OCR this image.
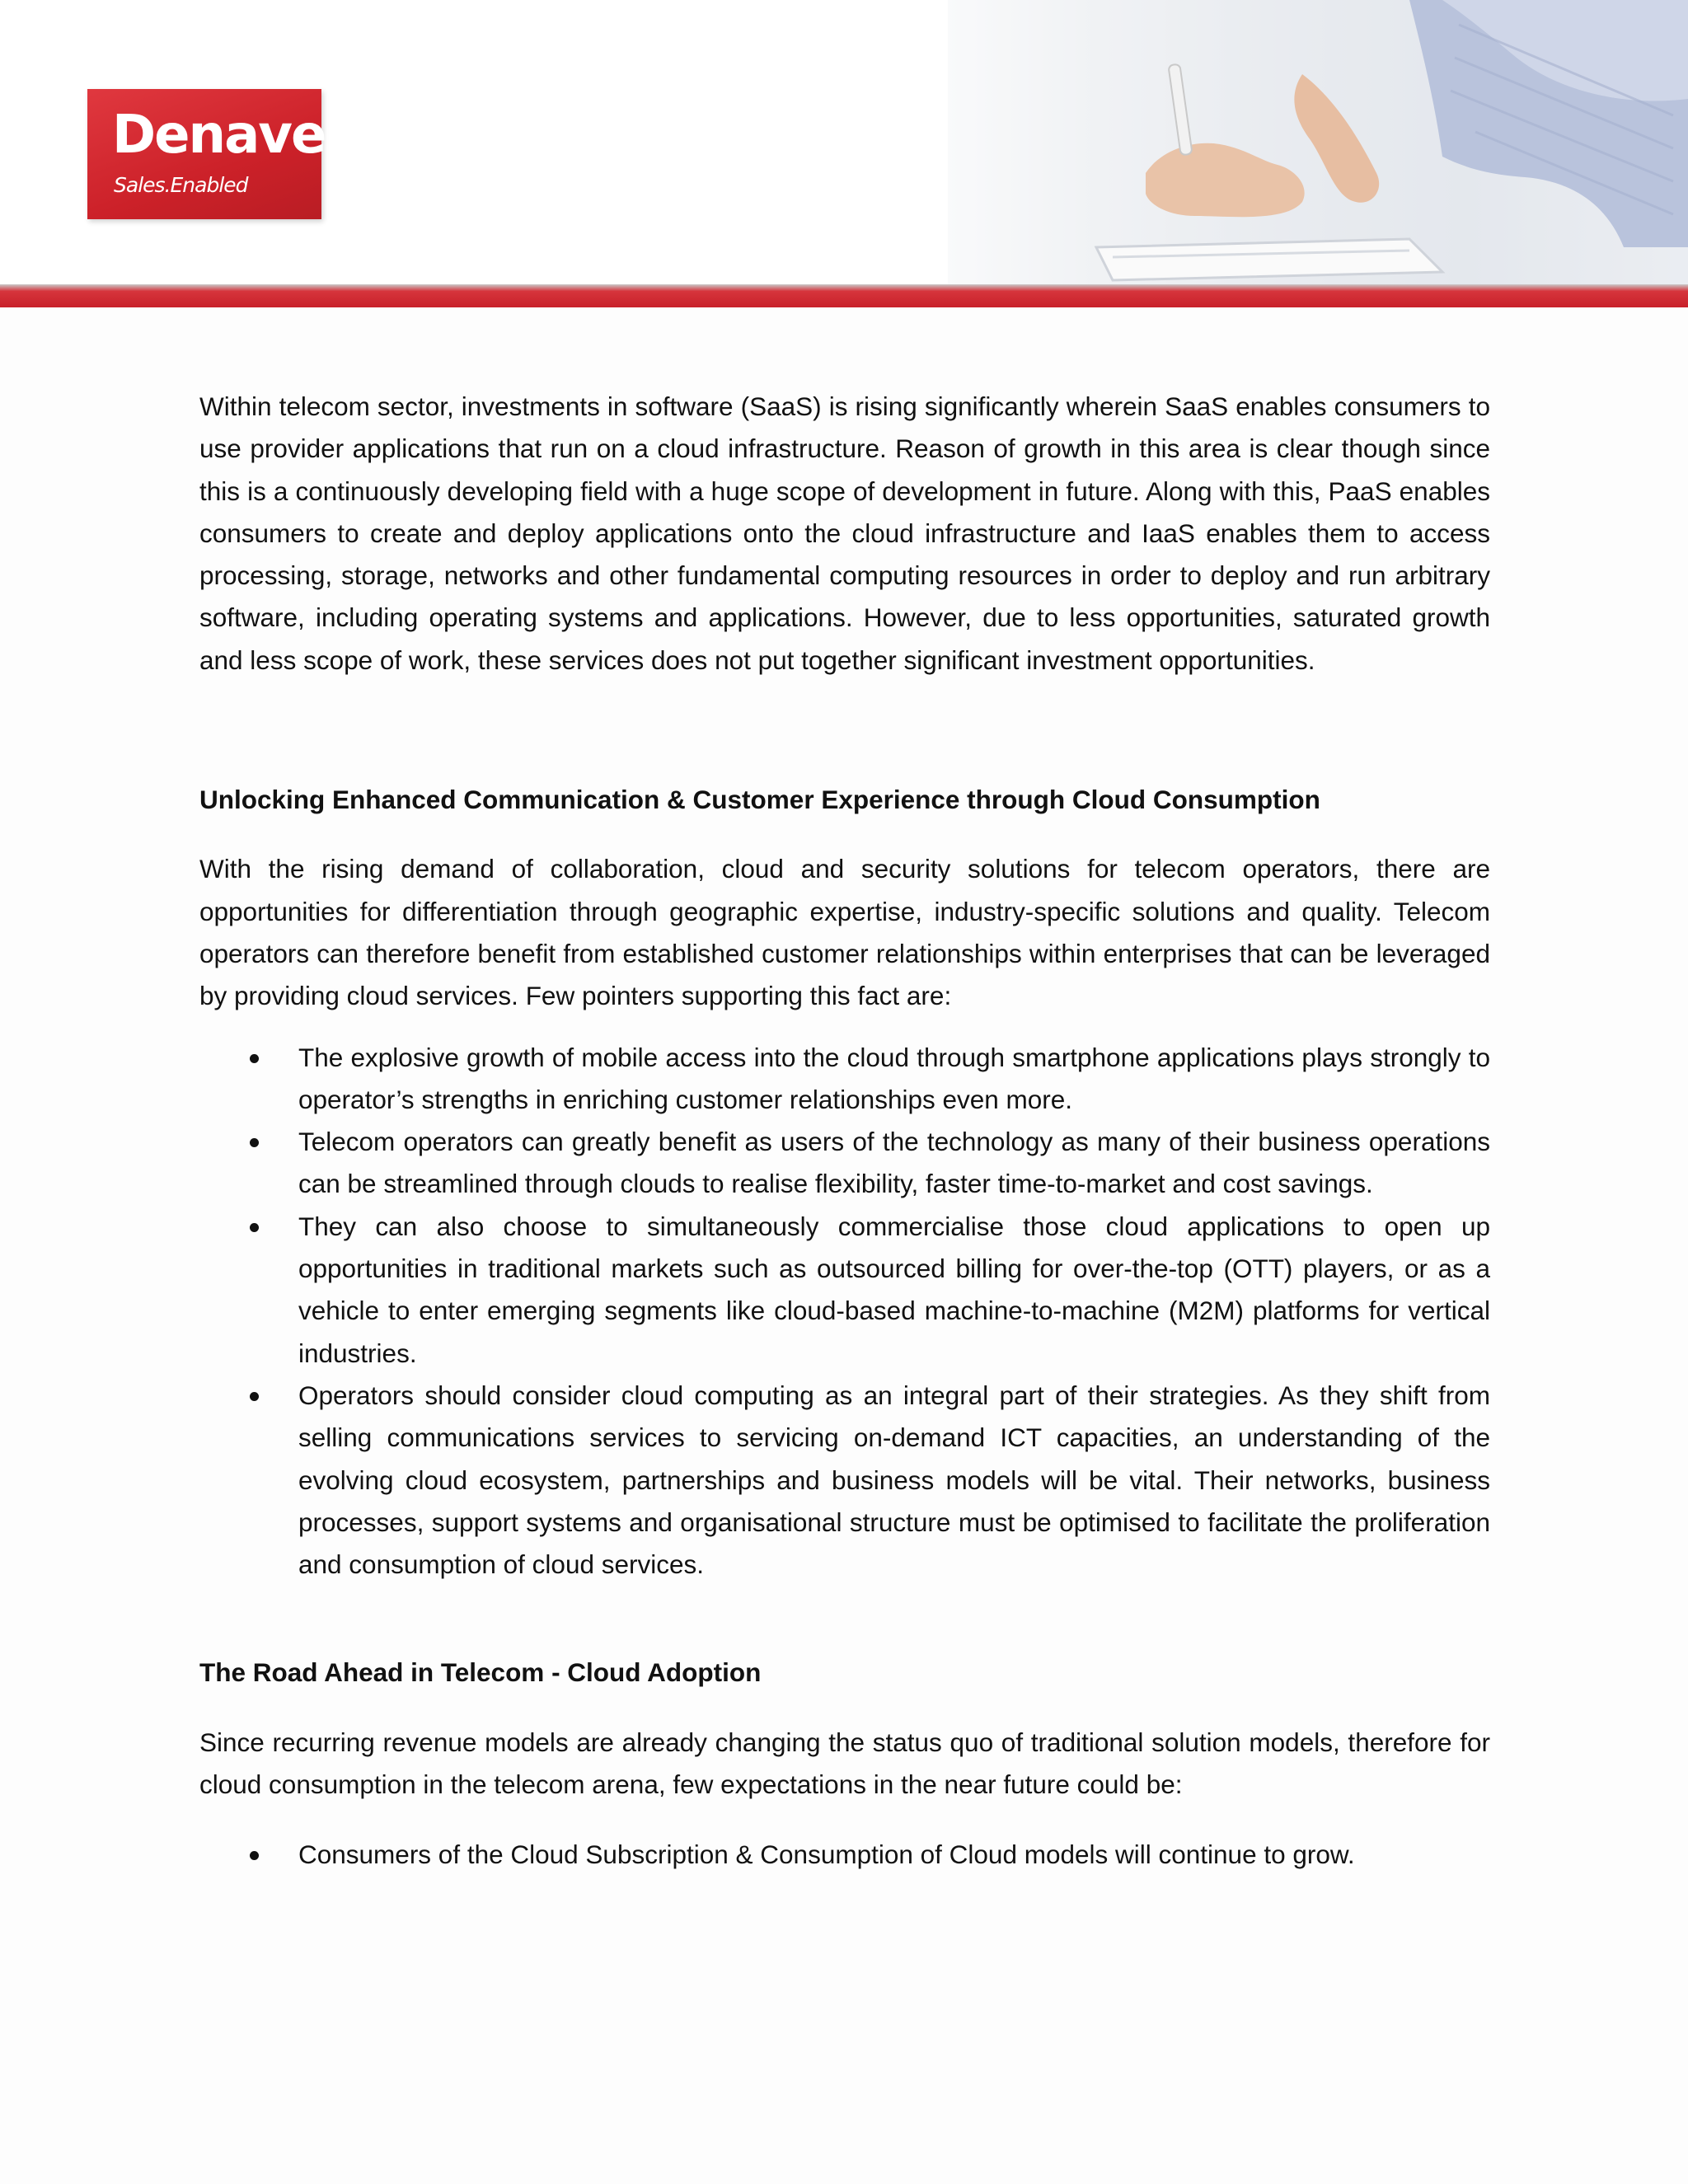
Denave
Sales.Enabled

Within telecom sector, investments in software (SaaS) is rising significantly wherein SaaS enables consumers to use provider applications that run on a cloud infrastructure. Reason of growth in this area is clear though since this is a continuously developing field with a huge scope of development in future. Along with this, PaaS enables consumers to create and deploy applications onto the cloud infrastructure and IaaS enables them to access processing, storage, networks and other fundamental computing resources in order to deploy and run arbitrary software, including operating systems and applications. However, due to less opportunities, saturated growth and less scope of work, these services does not put together significant investment opportunities.

Unlocking Enhanced Communication & Customer Experience through Cloud Consumption

With the rising demand of collaboration, cloud and security solutions for telecom operators, there are opportunities for differentiation through geographic expertise, industry-specific solutions and quality. Telecom operators can therefore benefit from established customer relationships within enterprises that can be leveraged by providing cloud services. Few pointers supporting this fact are:

The explosive growth of mobile access into the cloud through smartphone applications plays strongly to operator’s strengths in enriching customer relationships even more.
Telecom operators can greatly benefit as users of the technology as many of their business operations can be streamlined through clouds to realise flexibility, faster time-to-market and cost savings.
They can also choose to simultaneously commercialise those cloud applications to open up opportunities in traditional markets such as outsourced billing for over-the-top (OTT) players, or as a vehicle to enter emerging segments like cloud-based machine-to-machine (M2M) platforms for vertical industries.
Operators should consider cloud computing as an integral part of their strategies. As they shift from selling communications services to servicing on-demand ICT capacities, an understanding of the evolving cloud ecosystem, partnerships and business models will be vital. Their networks, business processes, support systems and organisational structure must be optimised to facilitate the proliferation and consumption of cloud services.
The Road Ahead in Telecom - Cloud Adoption

Since recurring revenue models are already changing the status quo of traditional solution models, therefore for cloud consumption in the telecom arena, few expectations in the near future could be:

Consumers of the Cloud Subscription & Consumption of Cloud models will continue to grow.
